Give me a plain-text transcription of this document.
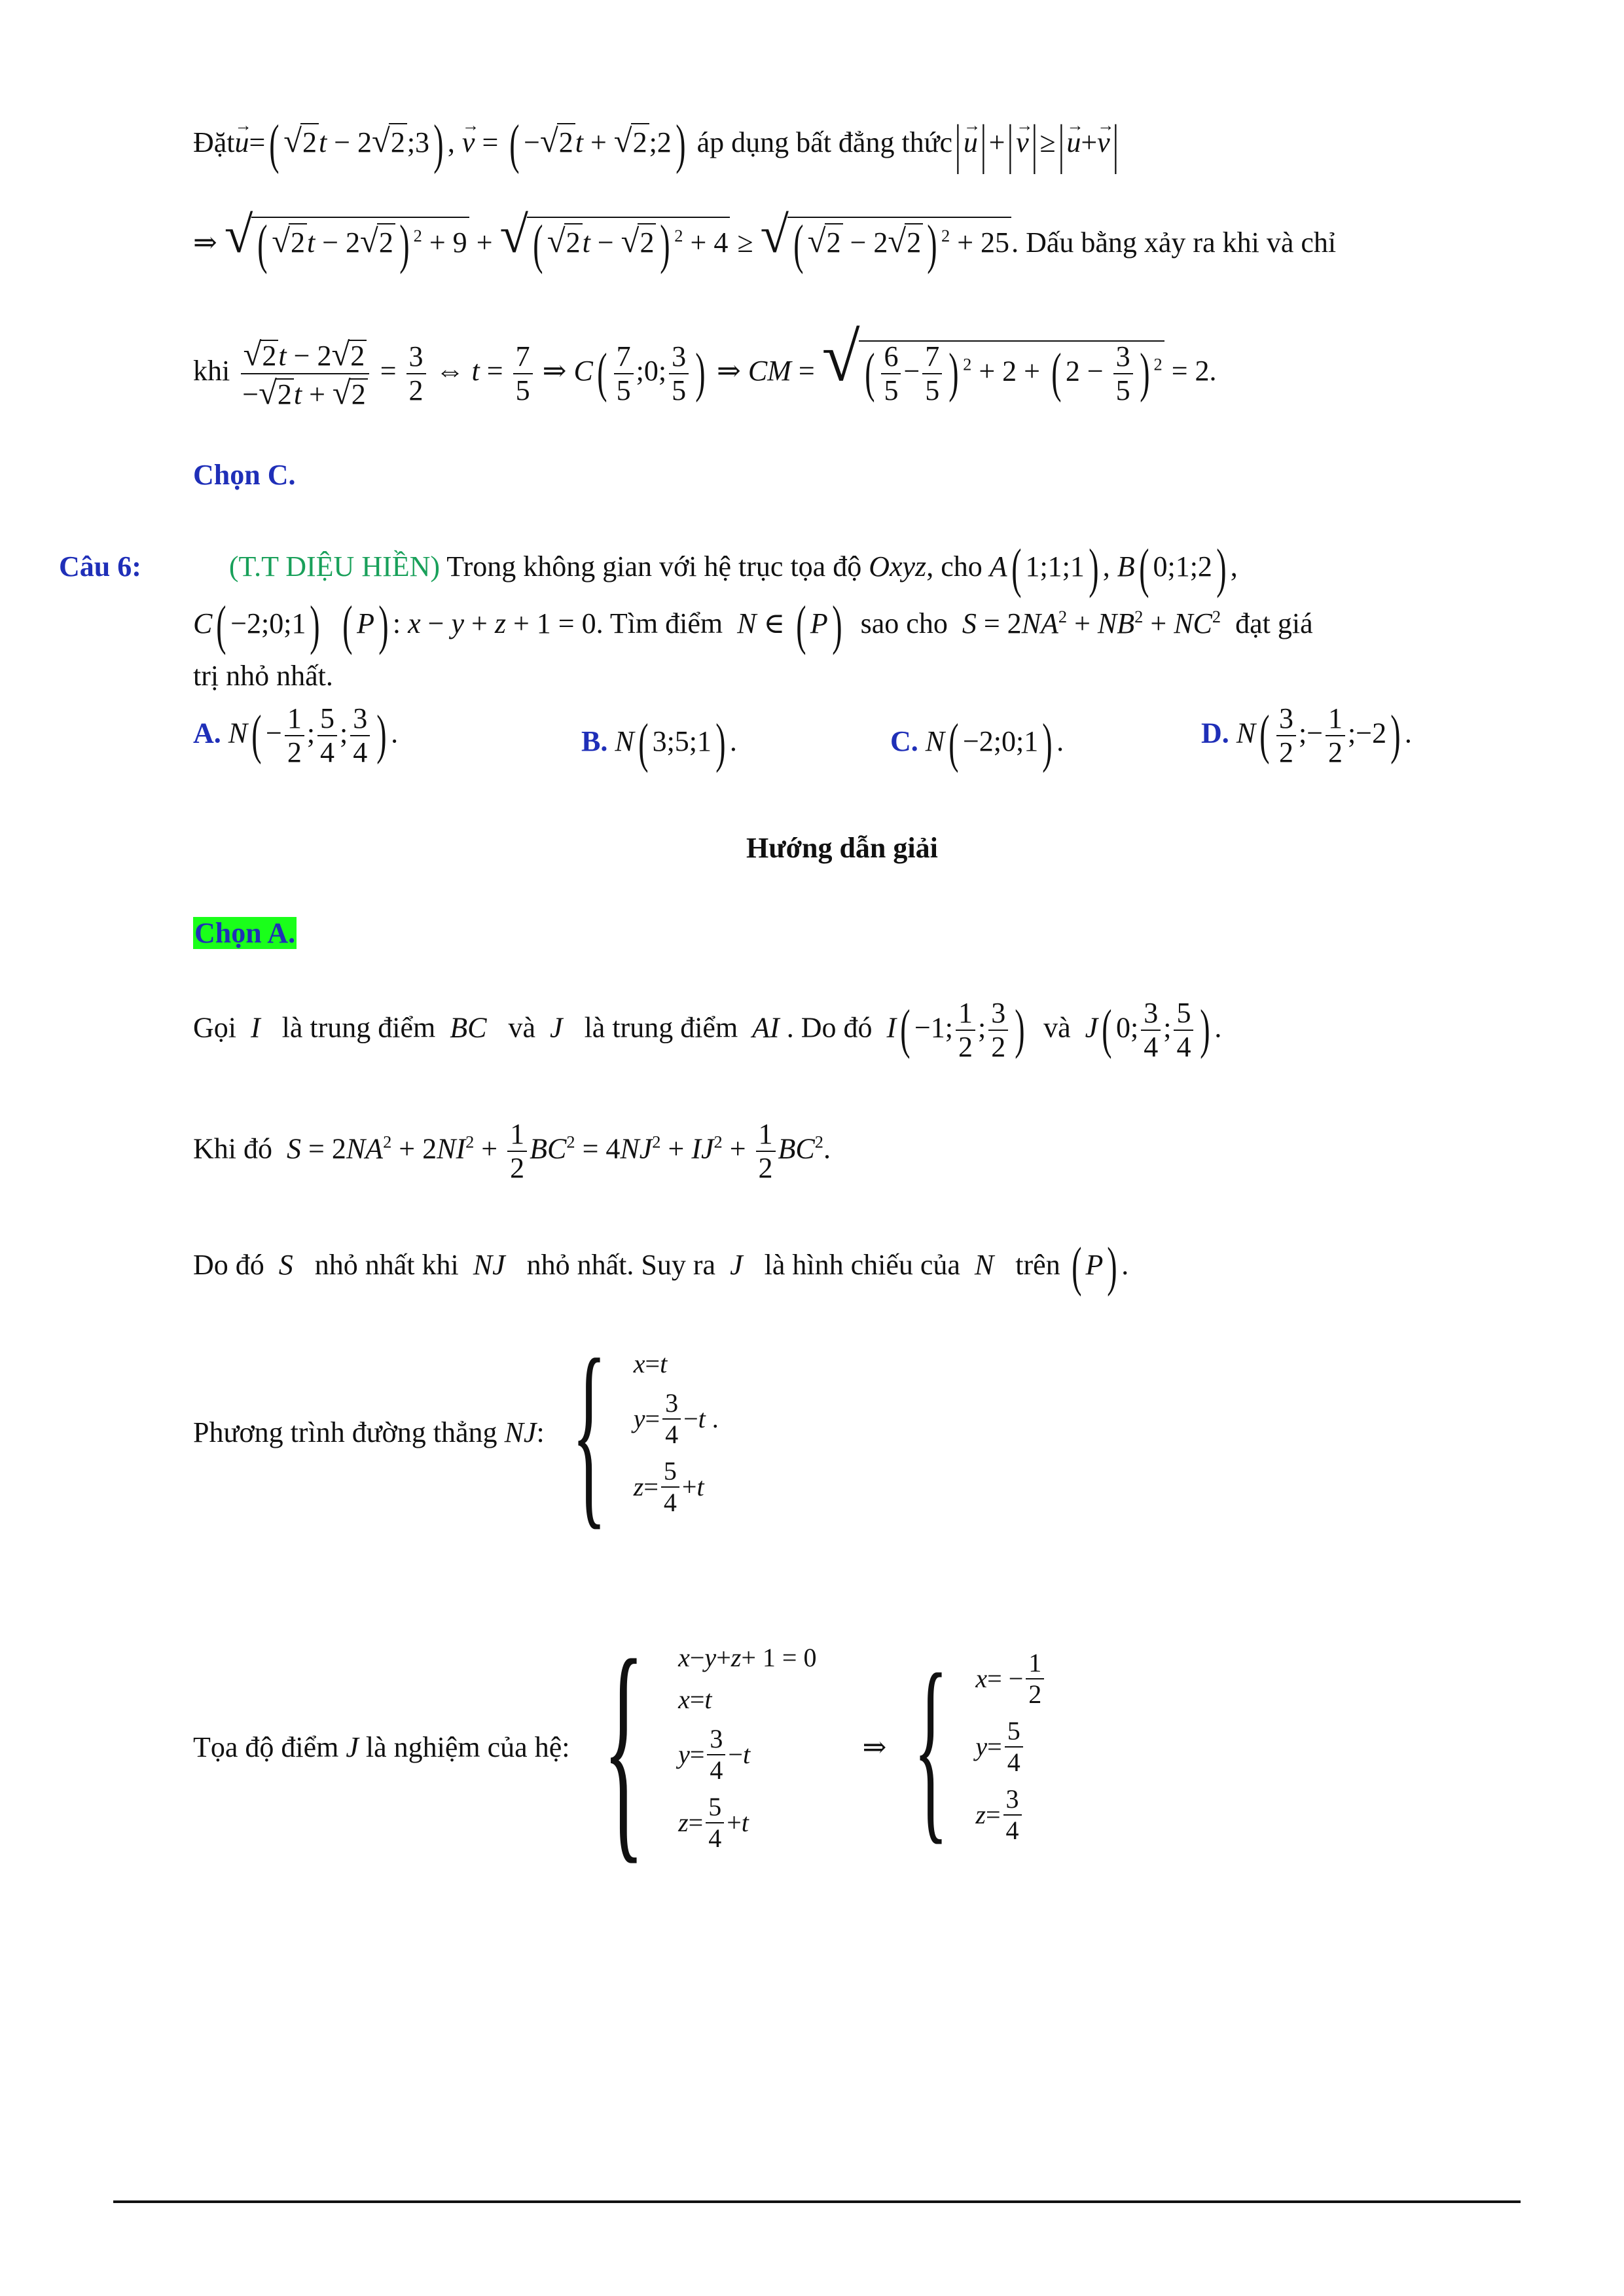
Đặt→ u=( √2t − 2√2;3) , → v = ( −√2t + √2;2) áp dụng bất đẳng thức|→ u|+|→ v|≥|→ u+→ v|
⇒ √( √2t − 2√2 ) $^2$ + 9 + √( √2t − √2 ) $^2$ + 4 ≥ √( √2 − 2√2 ) $^2$ + 25. Dấu bằng xảy ra khi và chỉ
khi $\frac{√2t - 2√2}{-√2t + √2} = \frac{3}{2}$ ⇔ $t = \frac{7}{5}$ ⇒ $C( \frac{7}{5}$ ;0; $\frac{3}{5}$ ) ⇒ CM = √( $\frac{6}{5} - \frac{7}{5}$ ) $^2$ + 2 + ( $2 - \frac{3}{5}$ ) $^2$ = 2.
Chọn C.
Câu 6:	(T.T DIỆU HIỀN) Trong không gian với hệ trục tọa độ Oxyz, cho A( 1;1;1) , B( 0;1;2) ,
C( −2;0;1) ( P) : x − y + z + 1 = 0. Tìm điểm N ∈ ( P) sao cho $S = 2NA^2 + NB^2 + NC^2$ đạt giá
trị nhỏ nhất.
A. $N( - \frac{1}{2}$ ; $\frac{5}{4}$ ; $\frac{3}{4}$ ) .	B. N( 3;5;1) .	C. N( −2;0;1) .	D. $N( \frac{3}{2}$ ;− $\frac{1}{2}$ ;−2) .
Hướng dẫn giải
Chọn A.
Gọi I là trung điểm BC và J là trung điểm AI . Do đó I( −1; $\frac{1}{2}$ ; $\frac{3}{2}$ ) và J( 0; $\frac{3}{4}$ ; $\frac{5}{4}$ ) .
Khi đó $S = 2NA^2 + 2NI^2 + \frac{1}{2} BC^2 = 4NJ^2 + IJ^2 + \frac{1}{2} BC^2$.
Do đó S nhỏ nhất khi NJ nhỏ nhất. Suy ra J là hình chiếu của N trên ( P) .
Phương trình đường thẳng
NJ : { x = t
$y = \frac{3}{4} - t$ .
$z = \frac{5}{4} + t$
Tọa độ điểm
J
là nghiệm của hệ: { x − y + z + 1 = 0
x = t
$y = \frac{3}{4} - t$
$z = \frac{5}{4} + t$
⇒ { x = − $\frac{1}{2}$
$y = \frac{5}{4}$
$z = \frac{3}{4}$
